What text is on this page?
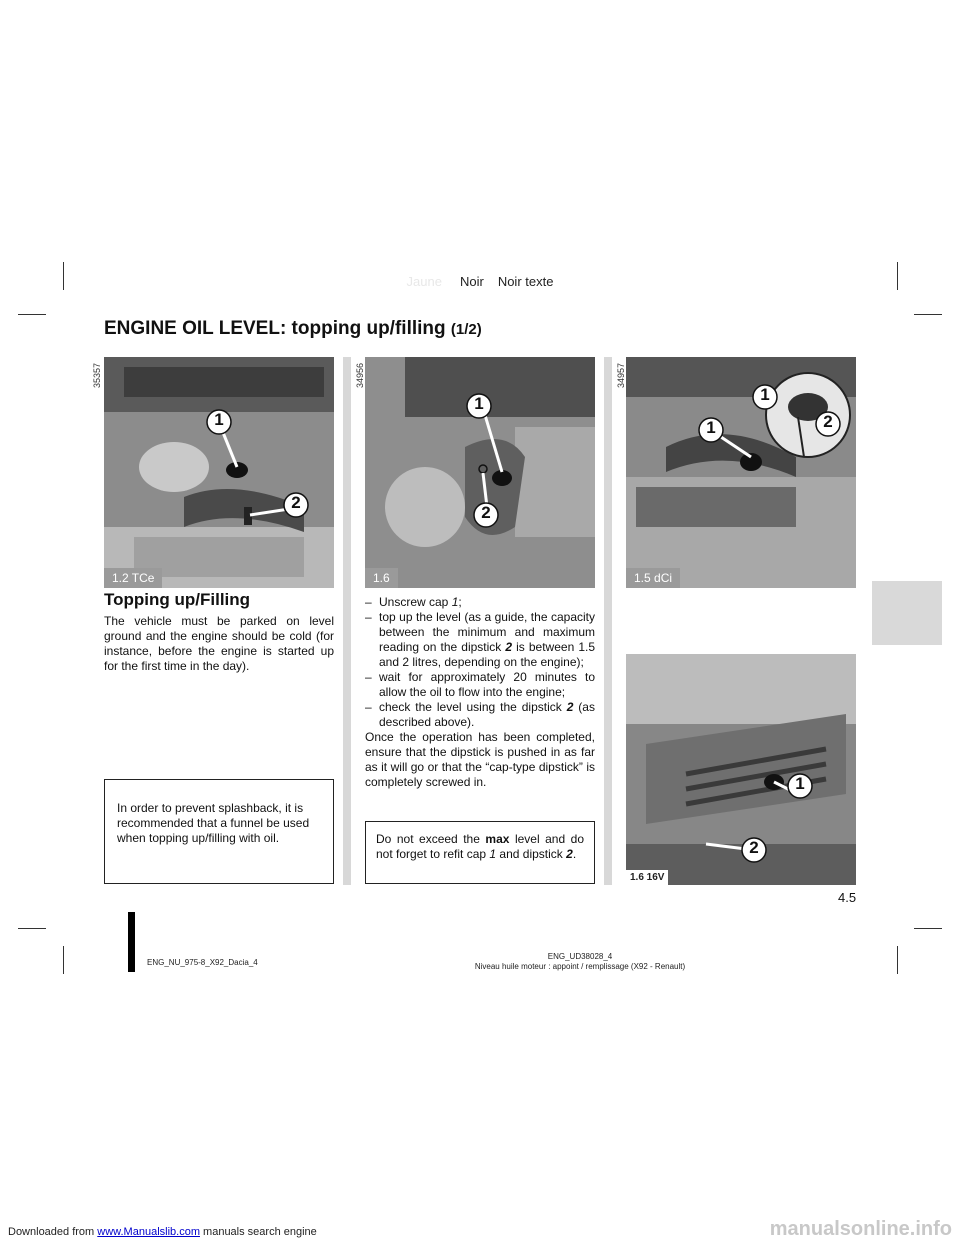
Downloaded from www.Manualslib.com manuals search engine	manualsonline.info
Jaune Noir Noir texte
ENGINE OIL LEVEL: topping up/filling (1/2)
35357
1
2
1.2 TCe
34956
1
2
1.6
34957
1
1
2
1.5 dCi
1
2
1.6 16V
Topping up/Filling
The vehicle must be parked on level ground and the engine should be cold (for instance, before the engine is started up for the first time in the day).
In order to prevent splashback, it is recommended that a funnel be used when topping up/filling with oil.
– Unscrew cap 1;
– top up the level (as a guide, the capacity between the minimum and maximum reading on the dipstick 2 is between 1.5 and 2 litres, depending on the engine);
– wait for approximately 20 minutes to allow the oil to flow into the engine;
– check the level using the dipstick 2 (as described above).
Once the operation has been completed, ensure that the dipstick is pushed in as far as it will go or that the “cap-type dipstick” is completely screwed in.
Do not exceed the max level and do not forget to refit cap 1 and dipstick 2.
4.5
ENG_NU_975-8_X92_Dacia_4
ENG_UD38028_4
Niveau huile moteur : appoint / remplissage (X92 - Renault)
